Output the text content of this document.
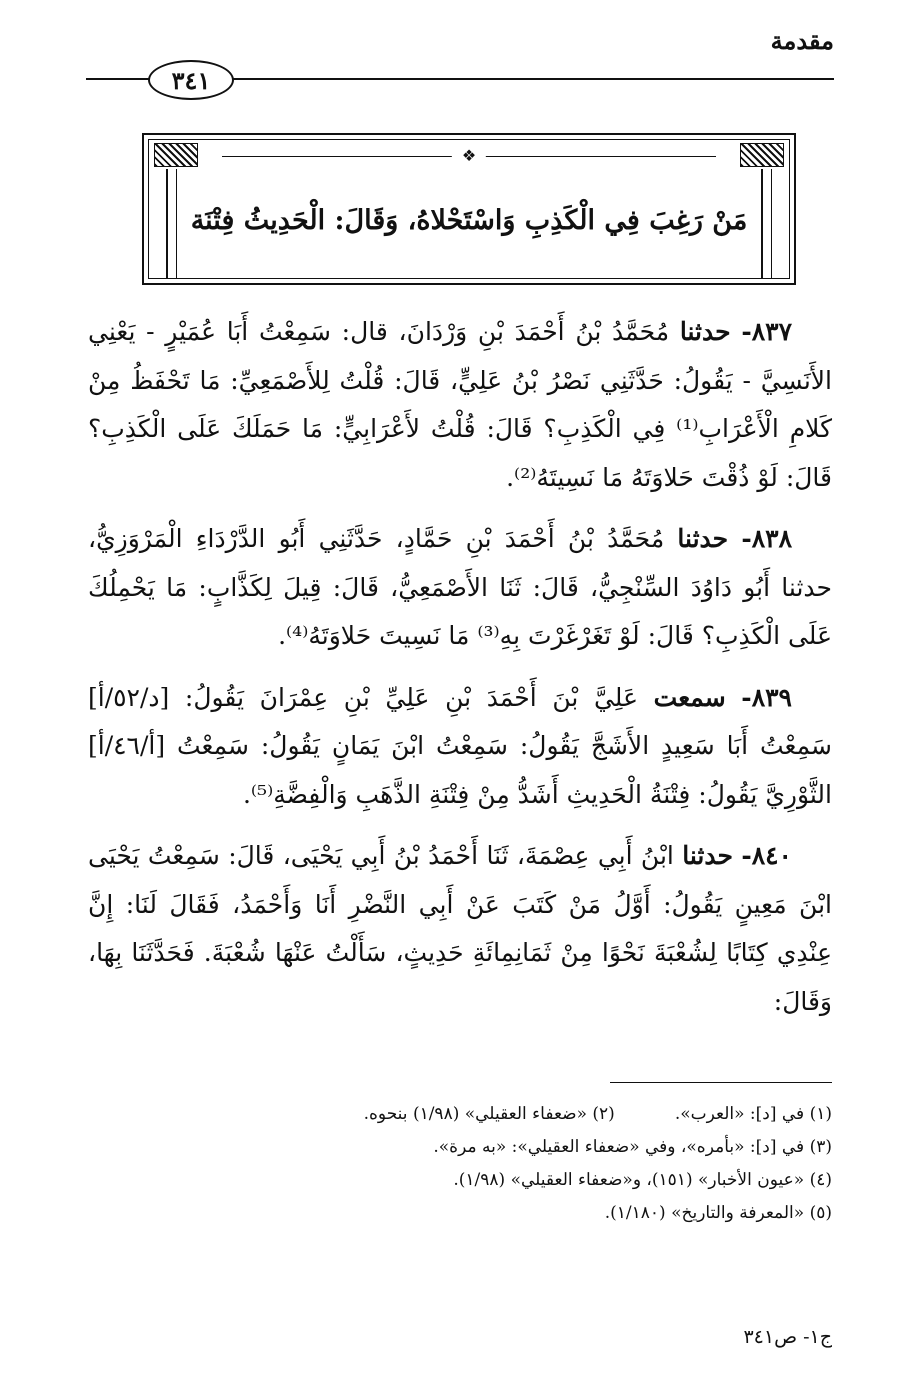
مقدمة
٣٤١
❖
مَنْ رَغِبَ فِي الْكَذِبِ وَاسْتَحْلاهُ، وَقَالَ: الْحَدِيثُ فِتْنَة

٨٣٧- حدثنا مُحَمَّدُ بْنُ أَحْمَدَ بْنِ وَرْدَانَ، قال: سَمِعْتُ أَبَا عُمَيْرٍ - يَعْنِي الأَنَسِيَّ - يَقُولُ: حَدَّثَنِي نَصْرُ بْنُ عَلِيٍّ، قَالَ: قُلْتُ لِلأَصْمَعِيِّ: مَا تَحْفَظُ مِنْ كَلامِ الْأَعْرَابِ⁽¹⁾ فِي الْكَذِبِ؟ قَالَ: قُلْتُ لأَعْرَابِيٍّ: مَا حَمَلَكَ عَلَى الْكَذِبِ؟ قَالَ: لَوْ ذُقْتَ حَلاوَتَهُ مَا نَسِيتَهُ⁽²⁾.

٨٣٨- حدثنا مُحَمَّدُ بْنُ أَحْمَدَ بْنِ حَمَّادٍ، حَدَّثَنِي أَبُو الدَّرْدَاءِ الْمَرْوَزِيُّ، حدثنا أَبُو دَاوُدَ السِّنْجِيُّ، قَالَ: ثَنَا الأَصْمَعِيُّ، قَالَ: قِيلَ لِكَذَّابٍ: مَا يَحْمِلُكَ عَلَى الْكَذِبِ؟ قَالَ: لَوْ تَغَرْغَرْتَ بِهِ⁽³⁾ مَا نَسِيتَ حَلاوَتَهُ⁽⁴⁾.

٨٣٩- سمعت عَلِيَّ بْنَ أَحْمَدَ بْنِ عَلِيِّ بْنِ عِمْرَانَ يَقُولُ: [د/٥٢/أ] سَمِعْتُ أَبَا سَعِيدٍ الأَشَجَّ يَقُولُ: سَمِعْتُ ابْنَ يَمَانٍ يَقُولُ: سَمِعْتُ [أ/٤٦/أ] الثَّوْرِيَّ يَقُولُ: فِتْنَةُ الْحَدِيثِ أَشَدُّ مِنْ فِتْنَةِ الذَّهَبِ وَالْفِضَّةِ⁽⁵⁾.

٨٤٠- حدثنا ابْنُ أَبِي عِصْمَةَ، ثَنَا أَحْمَدُ بْنُ أَبِي يَحْيَى، قَالَ: سَمِعْتُ يَحْيَى ابْنَ مَعِينٍ يَقُولُ: أَوَّلُ مَنْ كَتَبَ عَنْ أَبِي النَّضْرِ أَنَا وَأَحْمَدُ، فَقَالَ لَنَا: إِنَّ عِنْدِي كِتَابًا لِشُعْبَةَ نَحْوًا مِنْ ثَمَانِمِائَةِ حَدِيثٍ، سَأَلْتُ عَنْهَا شُعْبَةَ. فَحَدَّثَنَا بِهَا، وَقَالَ:

(١) في [د]: «العرب».
(٢) «ضعفاء العقيلي» (١/٩٨) بنحوه.
(٣) في [د]: «بأمره»، وفي «ضعفاء العقيلي»: «به مرة».
(٤) «عيون الأخبار» (١٥١)، و«ضعفاء العقيلي» (١/٩٨).
(٥) «المعرفة والتاريخ» (١/١٨٠).
ج١- ص٣٤١
